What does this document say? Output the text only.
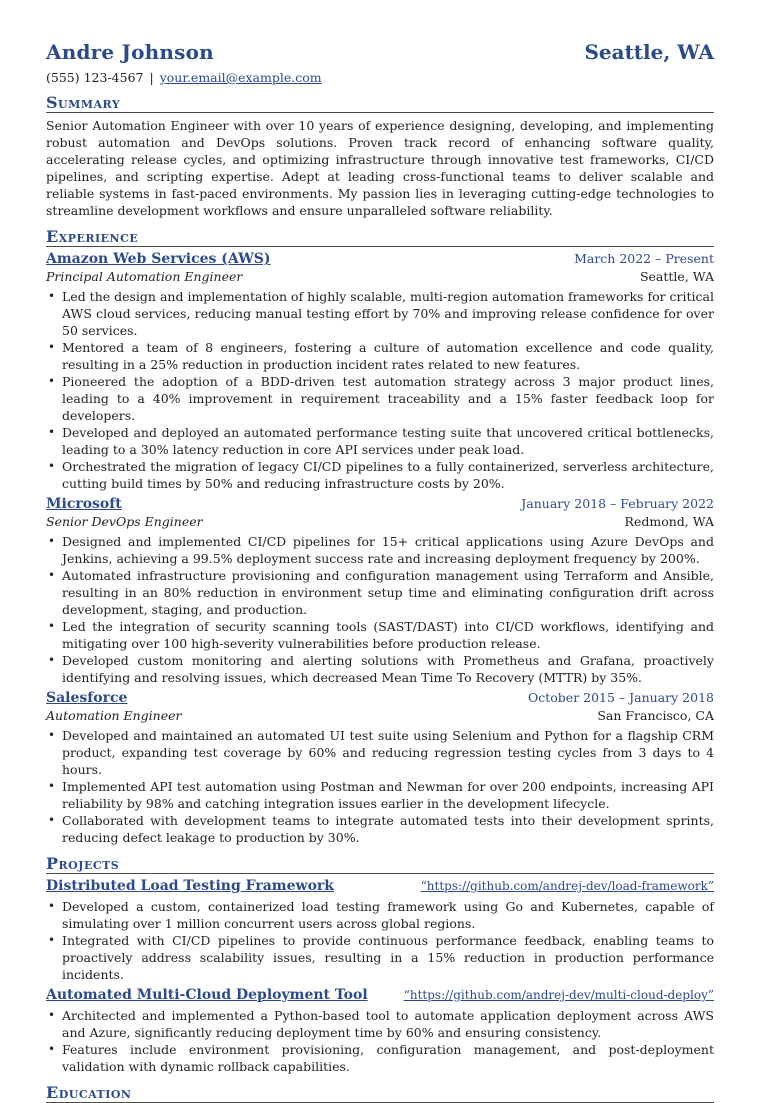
Andre Johnson	Seattle, WA
(555) 123-4567 | your.email@example.com
Summary
Senior Automation Engineer with over 10 years of experience designing, developing, and implementing robust automation and DevOps solutions. Proven track record of enhancing software quality, accelerating release cycles, and optimizing infrastructure through innovative test frameworks, CI/CD pipelines, and scripting expertise. Adept at leading cross-functional teams to deliver scalable and reliable systems in fast-paced environments. My passion lies in leveraging cutting-edge technologies to streamline development workflows and ensure unparalleled software reliability.
Experience
Amazon Web Services (AWS)	March 2022 – Present
Principal Automation Engineer	Seattle, WA
• Led the design and implementation of highly scalable, multi-region automation frameworks for critical AWS cloud services, reducing manual testing effort by 70% and improving release confidence for over 50 services.
• Mentored a team of 8 engineers, fostering a culture of automation excellence and code quality, resulting in a 25% reduction in production incident rates related to new features.
• Pioneered the adoption of a BDD-driven test automation strategy across 3 major product lines, leading to a 40% improvement in requirement traceability and a 15% faster feedback loop for developers.
• Developed and deployed an automated performance testing suite that uncovered critical bottlenecks, leading to a 30% latency reduction in core API services under peak load.
• Orchestrated the migration of legacy CI/CD pipelines to a fully containerized, serverless architecture, cutting build times by 50% and reducing infrastructure costs by 20%.
Microsoft	January 2018 – February 2022
Senior DevOps Engineer	Redmond, WA
• Designed and implemented CI/CD pipelines for 15+ critical applications using Azure DevOps and Jenkins, achieving a 99.5% deployment success rate and increasing deployment frequency by 200%.
• Automated infrastructure provisioning and configuration management using Terraform and Ansible, resulting in an 80% reduction in environment setup time and eliminating configuration drift across development, staging, and production.
• Led the integration of security scanning tools (SAST/DAST) into CI/CD workflows, identifying and mitigating over 100 high-severity vulnerabilities before production release.
• Developed custom monitoring and alerting solutions with Prometheus and Grafana, proactively identifying and resolving issues, which decreased Mean Time To Recovery (MTTR) by 35%.
Salesforce	October 2015 – January 2018
Automation Engineer	San Francisco, CA
• Developed and maintained an automated UI test suite using Selenium and Python for a flagship CRM product, expanding test coverage by 60% and reducing regression testing cycles from 3 days to 4 hours.
• Implemented API test automation using Postman and Newman for over 200 endpoints, increasing API reliability by 98% and catching integration issues earlier in the development lifecycle.
• Collaborated with development teams to integrate automated tests into their development sprints, reducing defect leakage to production by 30%.
Projects
Distributed Load Testing Framework	“https://github.com/andrej-dev/load-framework”
• Developed a custom, containerized load testing framework using Go and Kubernetes, capable of simulating over 1 million concurrent users across global regions.
• Integrated with CI/CD pipelines to provide continuous performance feedback, enabling teams to proactively address scalability issues, resulting in a 15% reduction in production performance incidents.
Automated Multi-Cloud Deployment Tool	“https://github.com/andrej-dev/multi-cloud-deploy”
• Architected and implemented a Python-based tool to automate application deployment across AWS and Azure, significantly reducing deployment time by 60% and ensuring consistency.
• Features include environment provisioning, configuration management, and post-deployment validation with dynamic rollback capabilities.
Education
